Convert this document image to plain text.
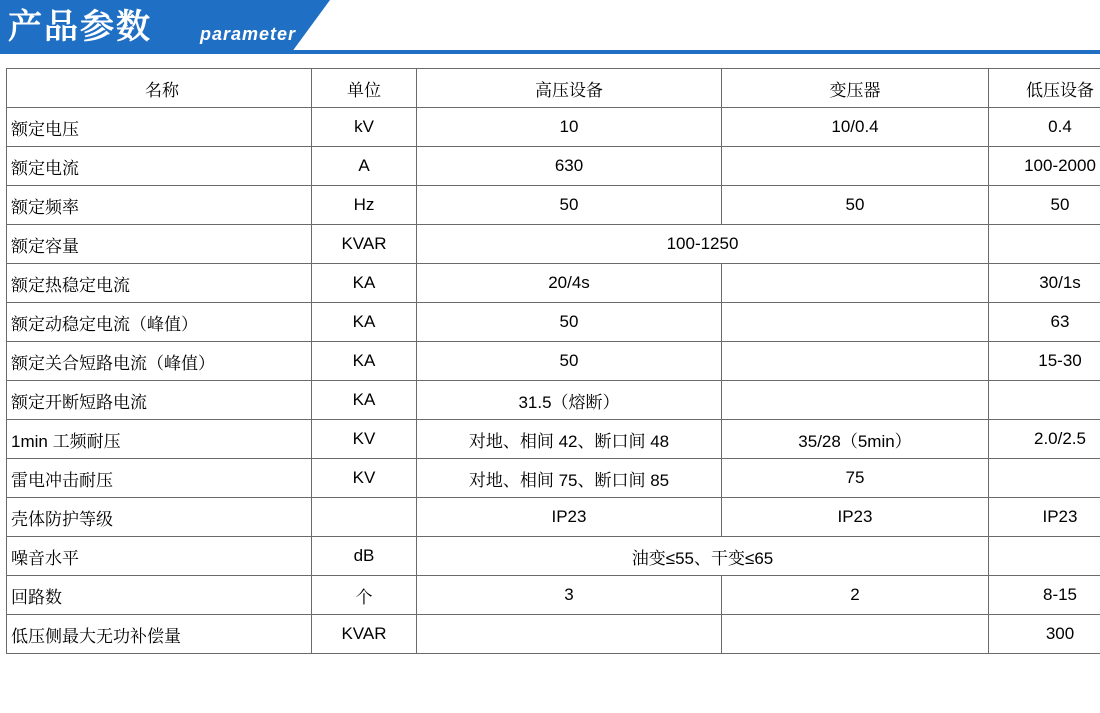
产品参数	parameter
名称	单位	高压设备	变压器	低压设备
额定电压	kV	10	10/0.4	0.4
额定电流	A	630		100-2000
额定频率	Hz	50	50	50
额定容量	KVAR	100-1250		
额定热稳定电流	KA	20/4s		30/1s
额定动稳定电流（峰值）	KA	50		63
额定关合短路电流（峰值）	KA	50		15-30
额定开断短路电流	KA	31.5（熔断）		
1min 工频耐压	KV	对地、相间 42、断口间 48	35/28（5min）	2.0/2.5
雷电冲击耐压	KV	对地、相间 75、断口间 85	75	
壳体防护等级		IP23	IP23	IP23
噪音水平	dB	油变≤55、干变≤65		
回路数	个	3	2	8-15
低压侧最大无功补偿量	KVAR			300
